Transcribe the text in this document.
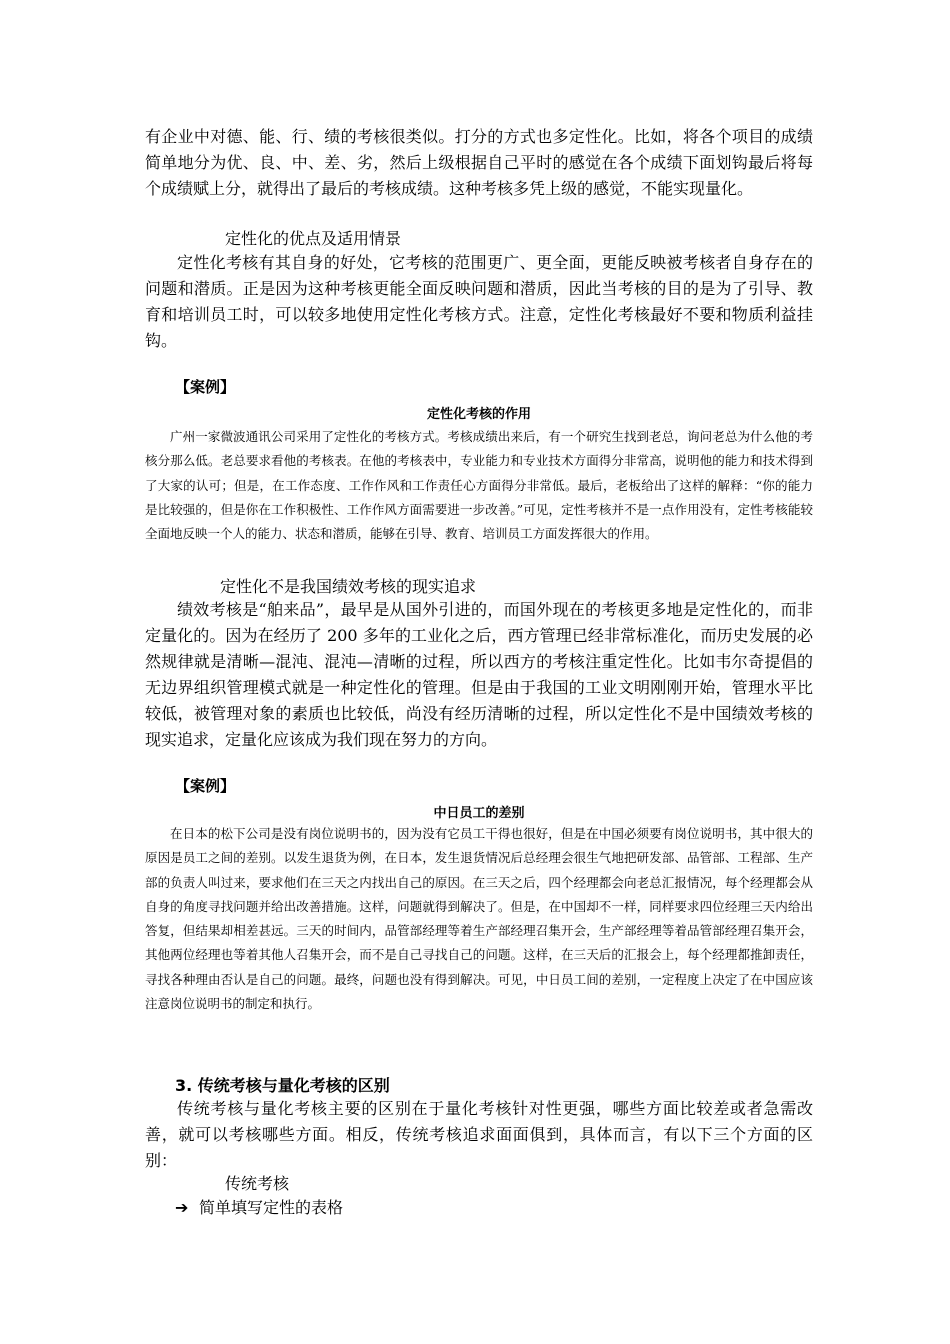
有企业中对德、能、行、绩的考核很类似。打分的方式也多定性化。比如，将各个项目的成绩简单地分为优、良、中、差、劣，然后上级根据自己平时的感觉在各个成绩下面划钩最后将每个成绩赋上分，就得出了最后的考核成绩。这种考核多凭上级的感觉，不能实现量化。
定性化的优点及适用情景
定性化考核有其自身的好处，它考核的范围更广、更全面，更能反映被考核者自身存在的问题和潜质。正是因为这种考核更能全面反映问题和潜质，因此当考核的目的是为了引导、教育和培训员工时，可以较多地使用定性化考核方式。注意，定性化考核最好不要和物质利益挂钩。
【案例】
定性化考核的作用
广州一家微波通讯公司采用了定性化的考核方式。考核成绩出来后，有一个研究生找到老总，询问老总为什么他的考核分那么低。老总要求看他的考核表。在他的考核表中，专业能力和专业技术方面得分非常高，说明他的能力和技术得到了大家的认可；但是，在工作态度、工作作风和工作责任心方面得分非常低。最后，老板给出了这样的解释：“你的能力是比较强的，但是你在工作积极性、工作作风方面需要进一步改善。”可见，定性考核并不是一点作用没有，定性考核能较全面地反映一个人的能力、状态和潜质，能够在引导、教育、培训员工方面发挥很大的作用。
定性化不是我国绩效考核的现实追求
绩效考核是“舶来品”，最早是从国外引进的，而国外现在的考核更多地是定性化的，而非定量化的。因为在经历了 200 多年的工业化之后，西方管理已经非常标准化，而历史发展的必然规律就是清晰—混沌、混沌—清晰的过程，所以西方的考核注重定性化。比如韦尔奇提倡的无边界组织管理模式就是一种定性化的管理。但是由于我国的工业文明刚刚开始，管理水平比较低，被管理对象的素质也比较低，尚没有经历清晰的过程，所以定性化不是中国绩效考核的现实追求，定量化应该成为我们现在努力的方向。
【案例】
中日员工的差别
在日本的松下公司是没有岗位说明书的，因为没有它员工干得也很好，但是在中国必须要有岗位说明书，其中很大的原因是员工之间的差别。以发生退货为例，在日本，发生退货情况后总经理会很生气地把研发部、品管部、工程部、生产部的负责人叫过来，要求他们在三天之内找出自己的原因。在三天之后，四个经理都会向老总汇报情况，每个经理都会从自身的角度寻找问题并给出改善措施。这样，问题就得到解决了。但是，在中国却不一样，同样要求四位经理三天内给出答复，但结果却相差甚远。三天的时间内，品管部经理等着生产部经理召集开会，生产部经理等着品管部经理召集开会，其他两位经理也等着其他人召集开会，而不是自己寻找自己的问题。这样，在三天后的汇报会上，每个经理都推卸责任，寻找各种理由否认是自己的问题。最终，问题也没有得到解决。可见，中日员工间的差别，一定程度上决定了在中国应该注意岗位说明书的制定和执行。
3. 传统考核与量化考核的区别
传统考核与量化考核主要的区别在于量化考核针对性更强，哪些方面比较差或者急需改善，就可以考核哪些方面。相反，传统考核追求面面俱到，具体而言，有以下三个方面的区别：
传统考核
➔ 简单填写定性的表格
